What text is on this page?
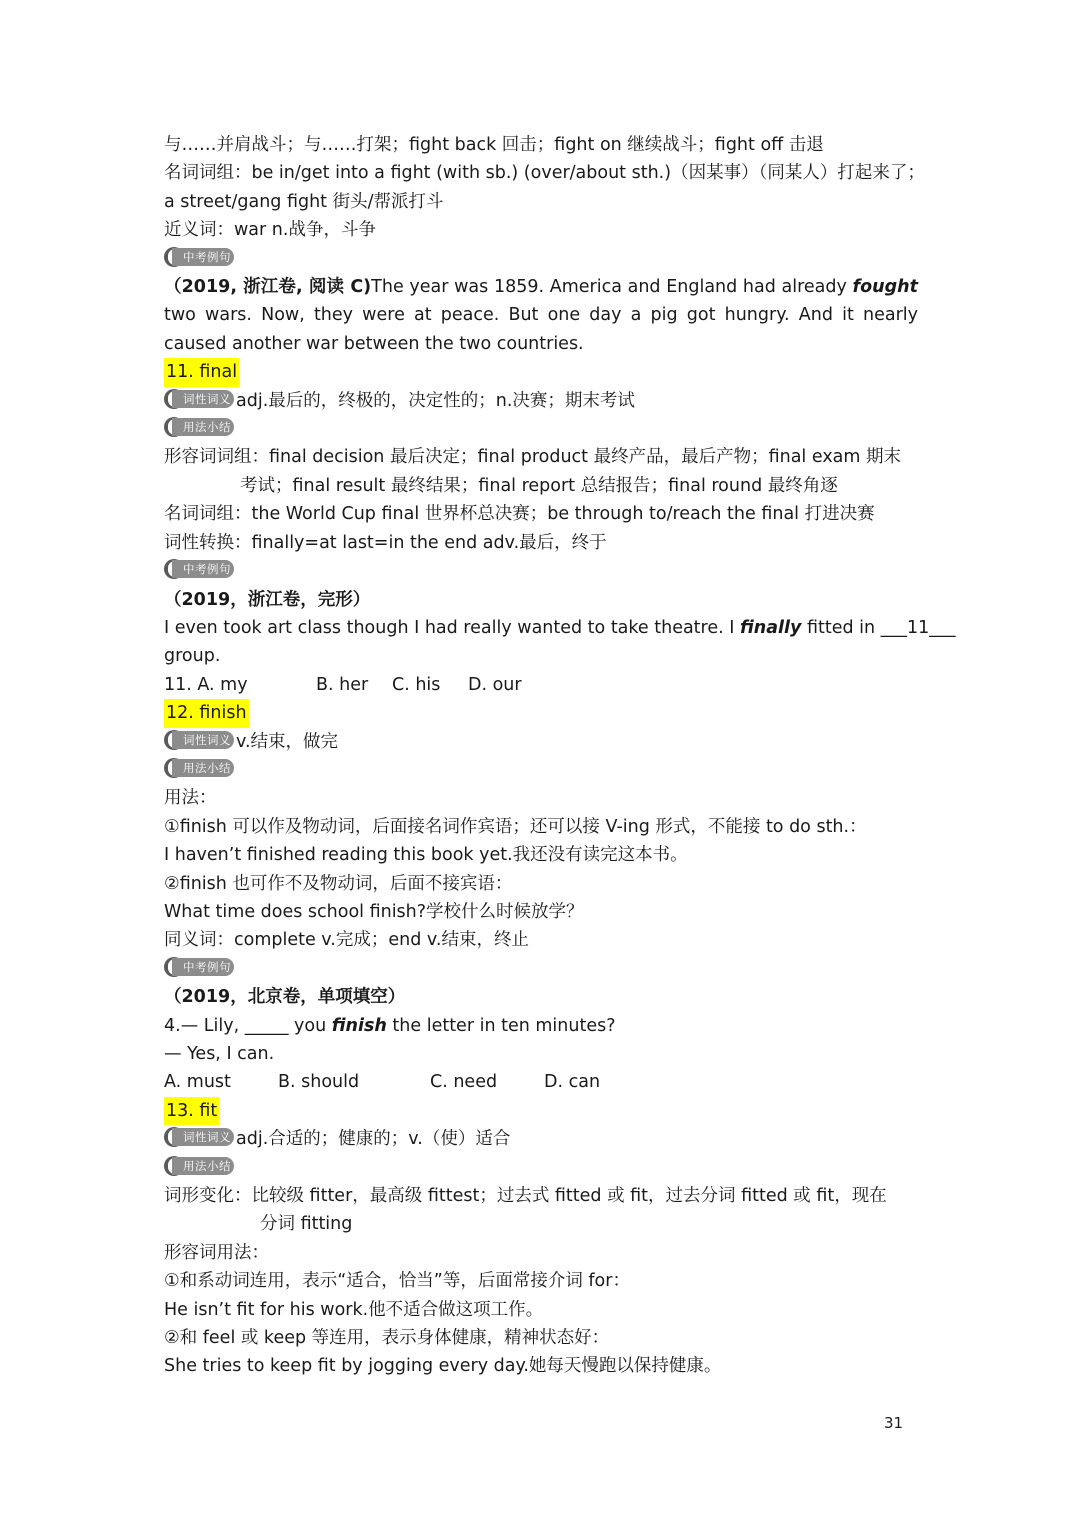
与……并肩战斗；与……打架；fight back 回击；fight on 继续战斗；fight off 击退
名词词组：be in/get into a fight (with sb.) (over/about sth.)（因某事）（同某人）打起来了；
a street/gang fight 街头/帮派打斗
近义词：war n.战争，斗争
中考例句
（2019, 浙江卷, 阅读 C)The year was 1859. America and England had already fought two wars. Now, they were at peace. But one day a pig got hungry. And it nearly caused another war between the two countries.
11. final
词性词义 adj.最后的，终极的，决定性的；n.决赛；期末考试
用法小结
形容词词组：final decision 最后决定；final product 最终产品，最后产物；final exam 期末
考试；final result 最终结果；final report 总结报告；final round 最终角逐
名词词组：the World Cup final 世界杯总决赛；be through to/reach the final 打进决赛
词性转换：finally=at last=in the end adv.最后，终于
中考例句
（2019，浙江卷，完形）
I even took art class though I had really wanted to take theatre. I finally fitted in ___11___
group.
11. A. my	B. her C. his D. our
12. finish
词性词义 v.结束，做完
用法小结
用法：
①finish 可以作及物动词，后面接名词作宾语；还可以接 V-ing 形式，不能接 to do sth.：
I haven’t finished reading this book yet.我还没有读完这本书。
②finish 也可作不及物动词，后面不接宾语：
What time does school finish?学校什么时候放学？
同义词：complete v.完成；end v.结束，终止
中考例句
（2019，北京卷，单项填空）
4.— Lily, _____ you finish the letter in ten minutes?
— Yes, I can.
A. must	B. should	C. need	D. can
13. fit
词性词义 adj.合适的；健康的；v.（使）适合
用法小结
词形变化：比较级 fitter，最高级 fittest；过去式 fitted 或 fit，过去分词 fitted 或 fit，现在
分词 fitting
形容词用法：
①和系动词连用，表示“适合，恰当”等，后面常接介词 for：
He isn’t fit for his work.他不适合做这项工作。
②和 feel 或 keep 等连用，表示身体健康，精神状态好：
She tries to keep fit by jogging every day.她每天慢跑以保持健康。
31
